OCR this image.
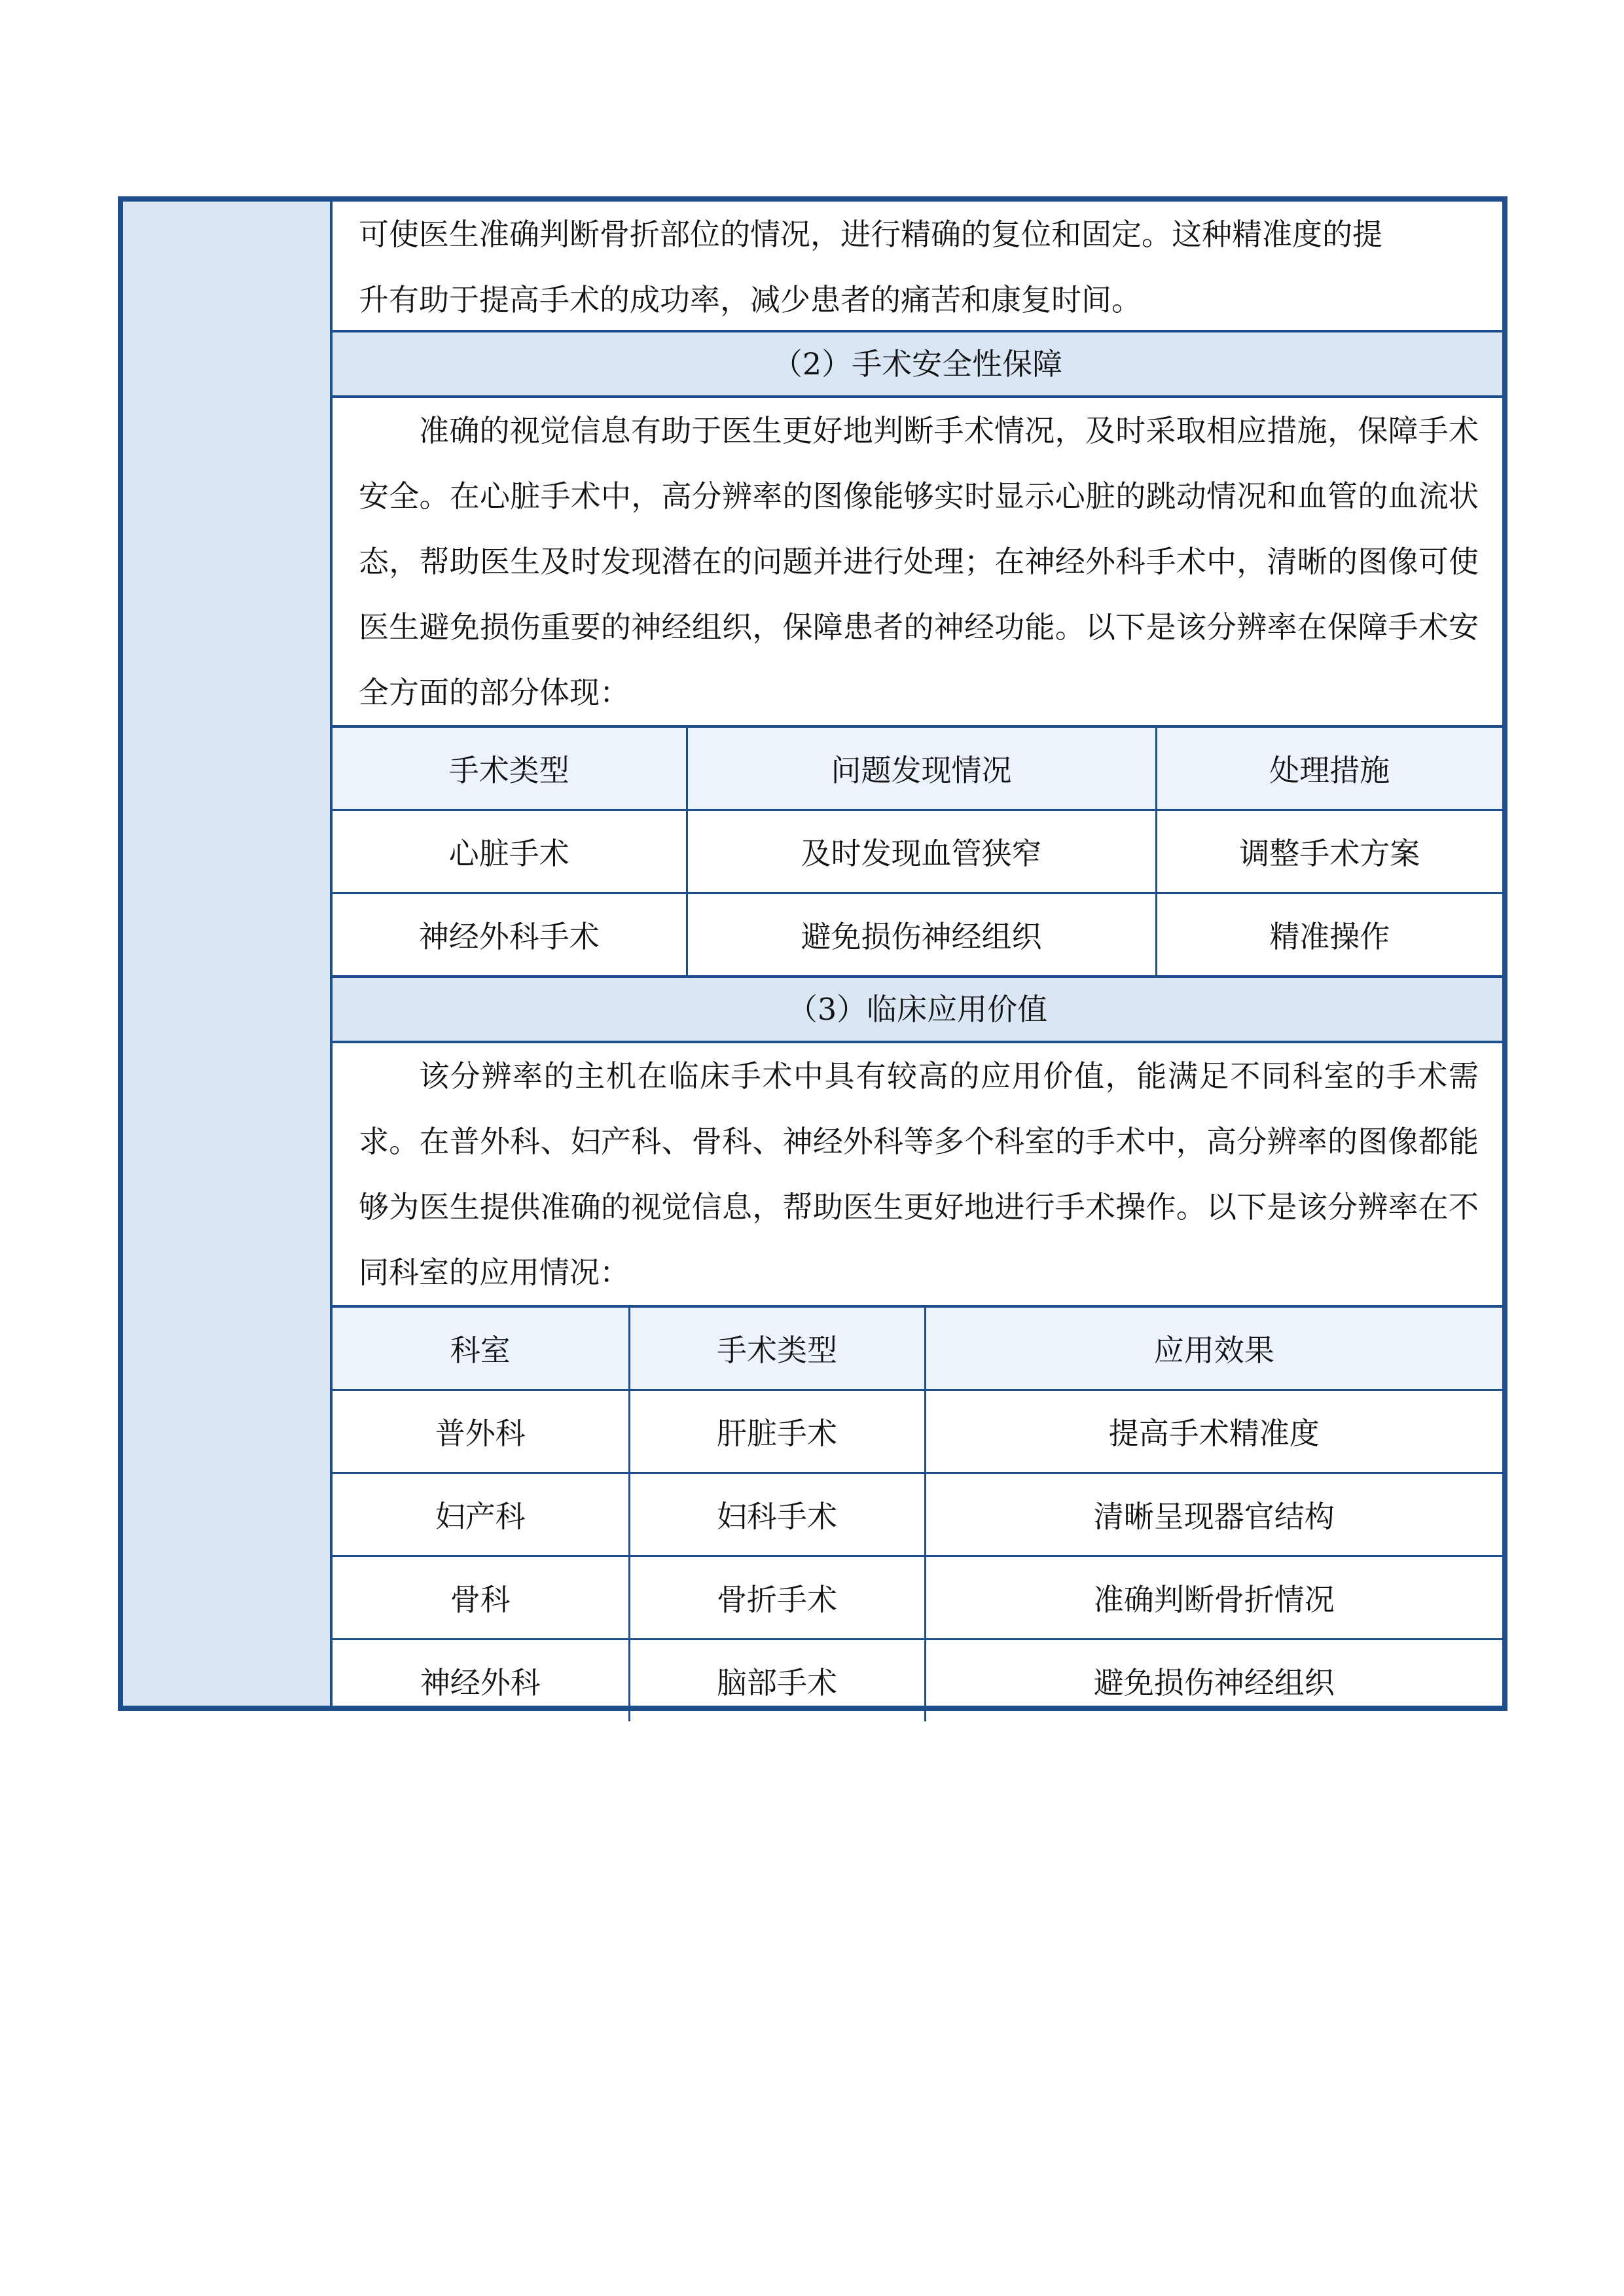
可使医生准确判断骨折部位的情况，进行精确的复位和固定。这种精准度的提

升有助于提高手术的成功率，减少患者的痛苦和康复时间。

（2）手术安全性保障

准确的视觉信息有助于医生更好地判断手术情况，及时采取相应措施，保障手术安全。在心脏手术中，高分辨率的图像能够实时显示心脏的跳动情况和血管的血流状态，帮助医生及时发现潜在的问题并进行处理；在神经外科手术中，清晰的图像可使医生避免损伤重要的神经组织，保障患者的神经功能。以下是该分辨率在保障手术安全方面的部分体现：

手术类型	问题发现情况	处理措施
心脏手术	及时发现血管狭窄	调整手术方案
神经外科手术	避免损伤神经组织	精准操作
（3）临床应用价值

该分辨率的主机在临床手术中具有较高的应用价值，能满足不同科室的手术需求。在普外科、妇产科、骨科、神经外科等多个科室的手术中，高分辨率的图像都能够为医生提供准确的视觉信息，帮助医生更好地进行手术操作。以下是该分辨率在不同科室的应用情况：

科室	手术类型	应用效果
普外科	肝脏手术	提高手术精准度
妇产科	妇科手术	清晰呈现器官结构
骨科	骨折手术	准确判断骨折情况
神经外科	脑部手术	避免损伤神经组织
